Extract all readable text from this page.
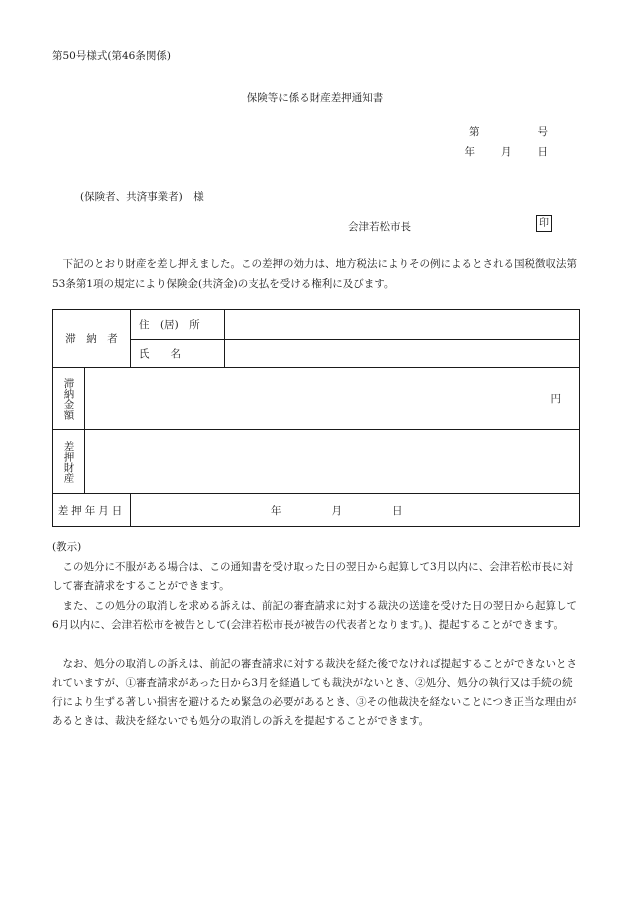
第50号様式(第46条関係)
保険等に係る財産差押通知書
第	号
年 月 日
(保険者、共済事業者)　様
会津若松市長	印

下記のとおり財産を差し押えました。この差押の効力は、地方税法によりその例によるとされる国税徴収法第53条第1項の規定により保険金(共済金)の支払を受ける権利に及びます。

滞　納　者		住　(居)　所	

		氏　　名	

滞納金額	円		

差押財産			

差押年月日		年 月 日	
(教示)

この処分に不服がある場合は、この通知書を受け取った日の翌日から起算して3月以内に、会津若松市長に対して審査請求をすることができます。

また、この処分の取消しを求める訴えは、前記の審査請求に対する裁決の送達を受けた日の翌日から起算して6月以内に、会津若松市を被告として(会津若松市長が被告の代表者となります。)、提起することができます。

なお、処分の取消しの訴えは、前記の審査請求に対する裁決を経た後でなければ提起することができないとされていますが、①審査請求があった日から3月を経過しても裁決がないとき、②処分、処分の執行又は手続の続行により生ずる著しい損害を避けるため緊急の必要があるとき、③その他裁決を経ないことにつき正当な理由があるときは、裁決を経ないでも処分の取消しの訴えを提起することができます。
